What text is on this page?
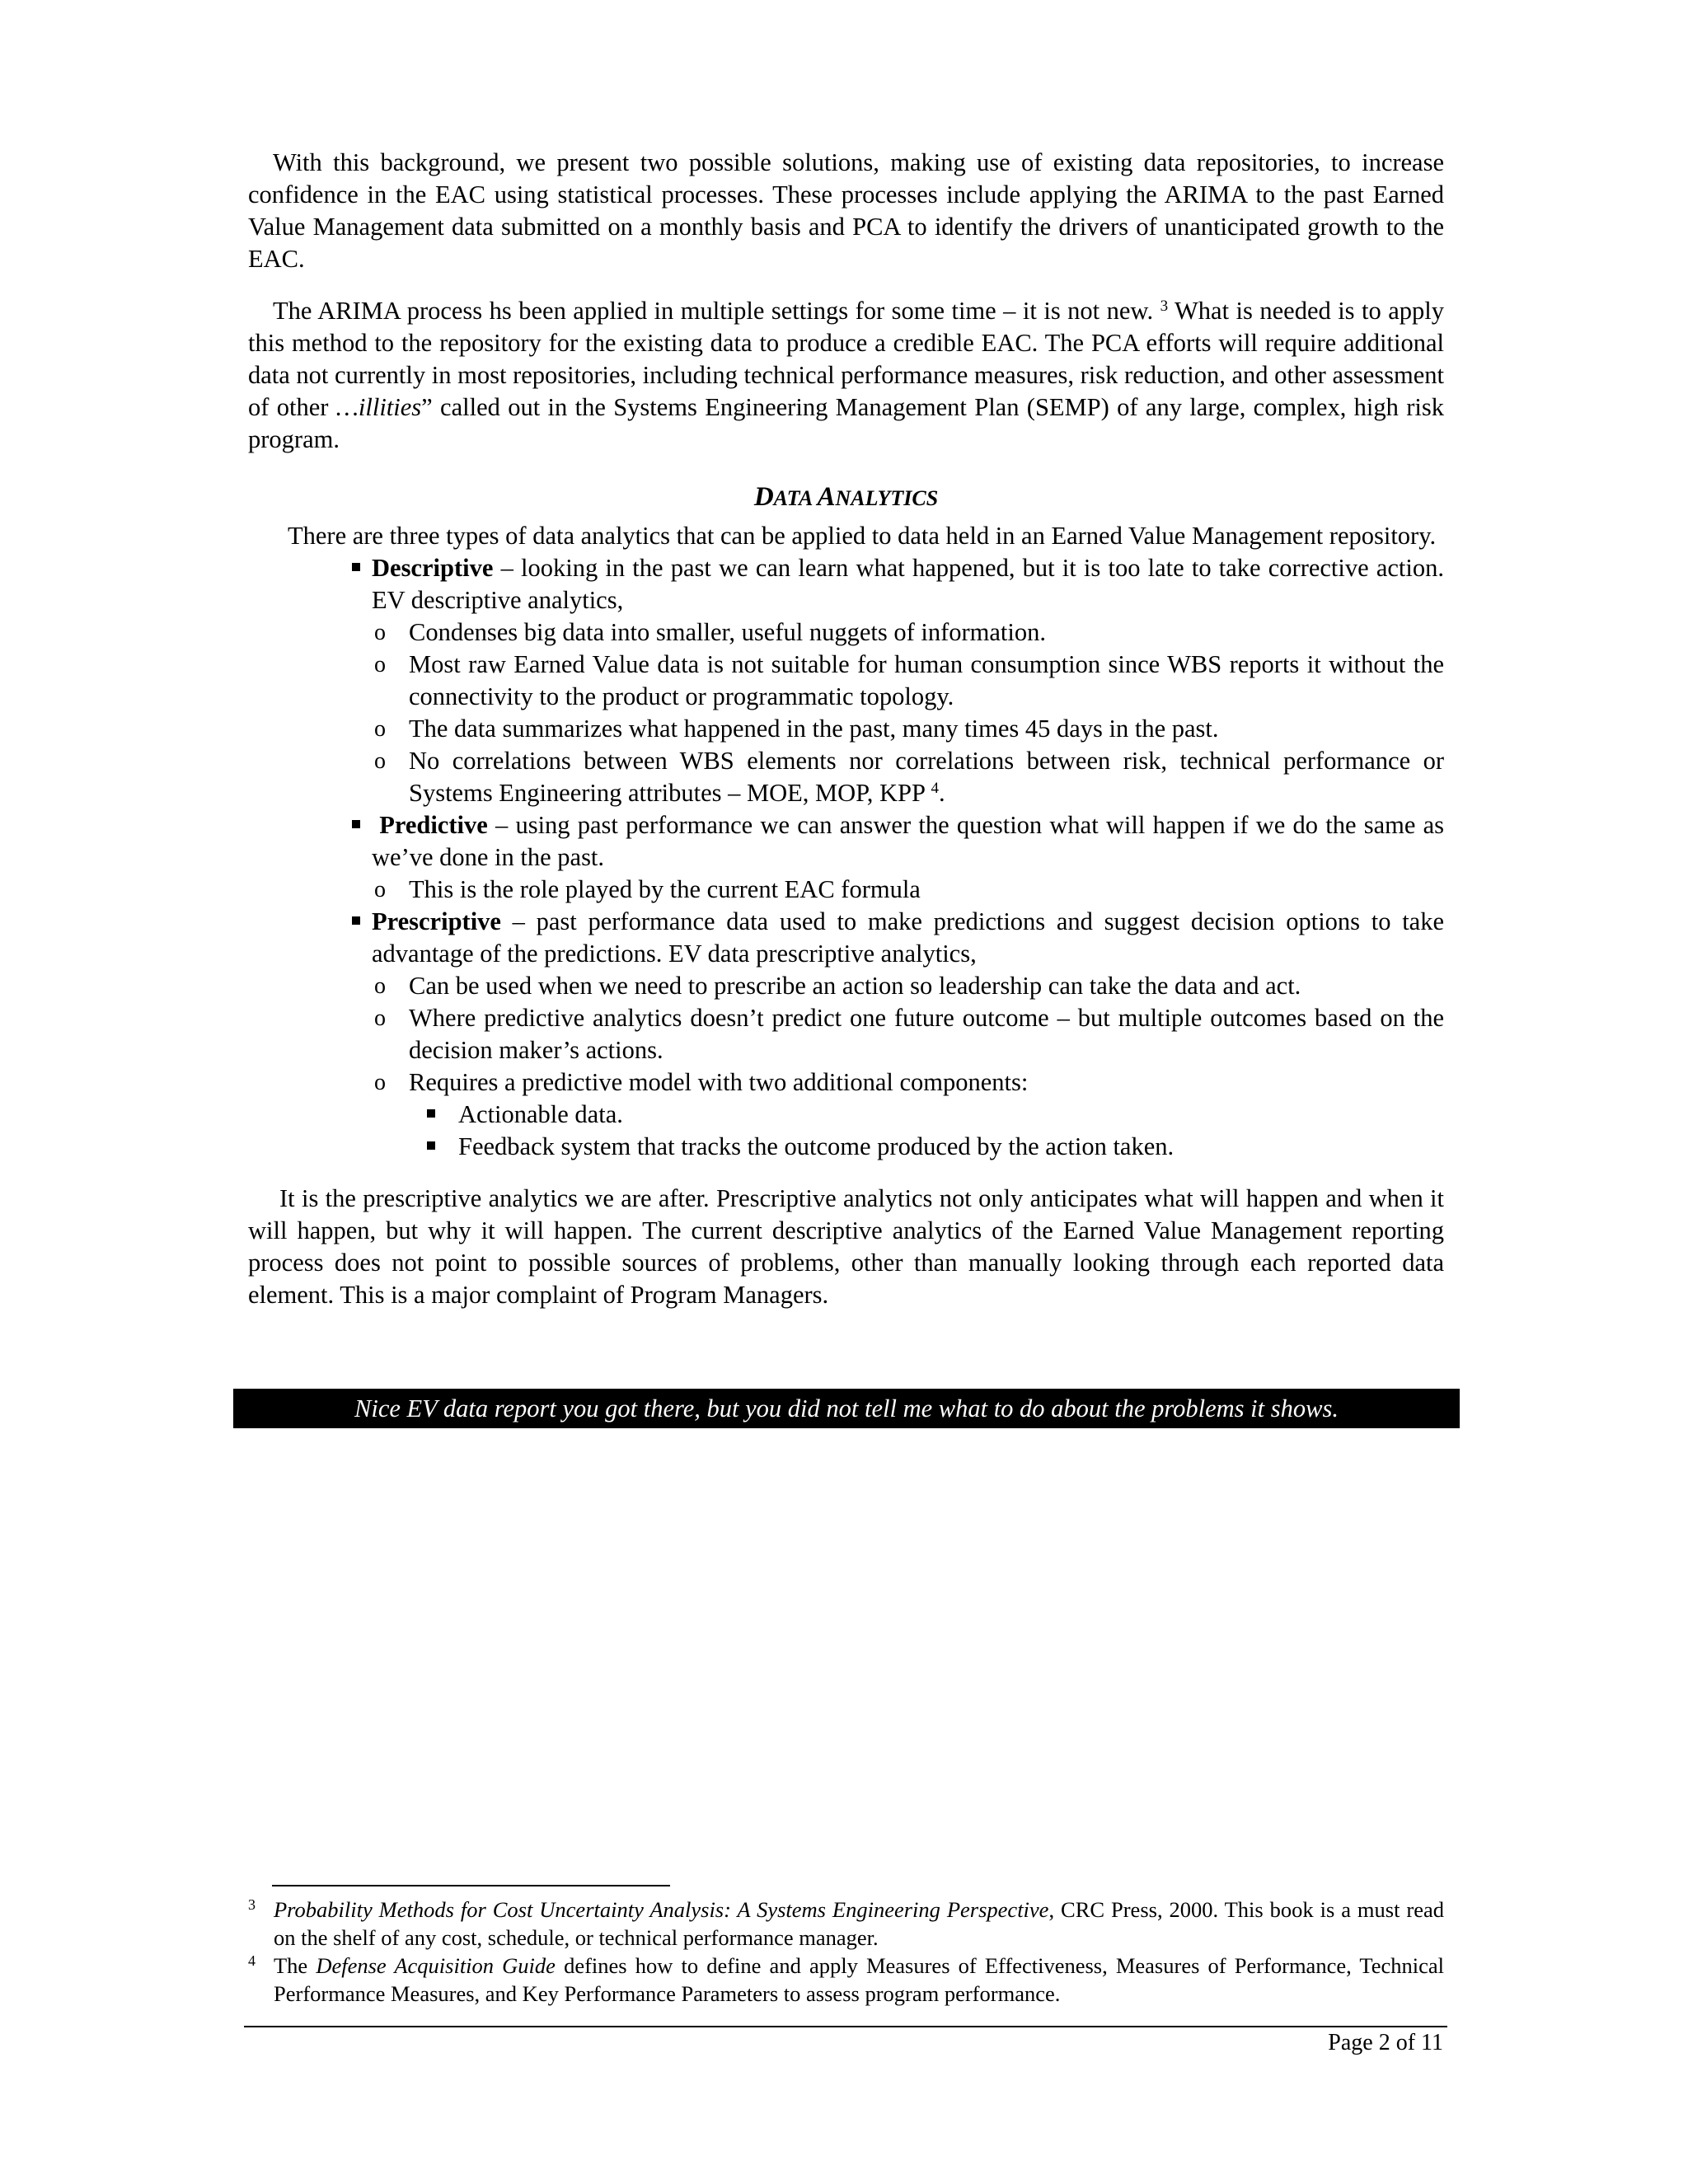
With this background, we present two possible solutions, making use of existing data repositories, to increase confidence in the EAC using statistical processes. These processes include applying the ARIMA to the past Earned Value Management data submitted on a monthly basis and PCA to identify the drivers of unanticipated growth to the EAC.

The ARIMA process hs been applied in multiple settings for some time – it is not new. $^3$ What is needed is to apply this method to the repository for the existing data to produce a credible EAC. The PCA efforts will require additional data not currently in most repositories, including technical performance measures, risk reduction, and other assessment of other …illities” called out in the Systems Engineering Management Plan (SEMP) of any large, complex, high risk program.

DATA ANALYTICS

There are three types of data analytics that can be applied to data held in an Earned Value Management repository.

Descriptive – looking in the past we can learn what happened, but it is too late to take corrective action. EV descriptive analytics,
o Condenses big data into smaller, useful nuggets of information.
o Most raw Earned Value data is not suitable for human consumption since WBS reports it without the connectivity to the product or programmatic topology.
o The data summarizes what happened in the past, many times 45 days in the past.
o No correlations between WBS elements nor correlations between risk, technical performance or Systems Engineering attributes – MOE, MOP, KPP $^4$.
Predictive – using past performance we can answer the question what will happen if we do the same as we’ve done in the past.
o This is the role played by the current EAC formula
Prescriptive – past performance data used to make predictions and suggest decision options to take advantage of the predictions. EV data prescriptive analytics,
o Can be used when we need to prescribe an action so leadership can take the data and act.
o Where predictive analytics doesn’t predict one future outcome – but multiple outcomes based on the decision maker’s actions.
o Requires a predictive model with two additional components:
Actionable data.
Feedback system that tracks the outcome produced by the action taken.

It is the prescriptive analytics we are after. Prescriptive analytics not only anticipates what will happen and when it will happen, but why it will happen. The current descriptive analytics of the Earned Value Management reporting process does not point to possible sources of problems, other than manually looking through each reported data element. This is a major complaint of Program Managers.

Nice EV data report you got there, but you did not tell me what to do about the problems it shows.
3 Probability Methods for Cost Uncertainty Analysis: A Systems Engineering Perspective, CRC Press, 2000. This book is a must read on the shelf of any cost, schedule, or technical performance manager.
4 The Defense Acquisition Guide defines how to define and apply Measures of Effectiveness, Measures of Performance, Technical Performance Measures, and Key Performance Parameters to assess program performance.
Page 2 of 11
